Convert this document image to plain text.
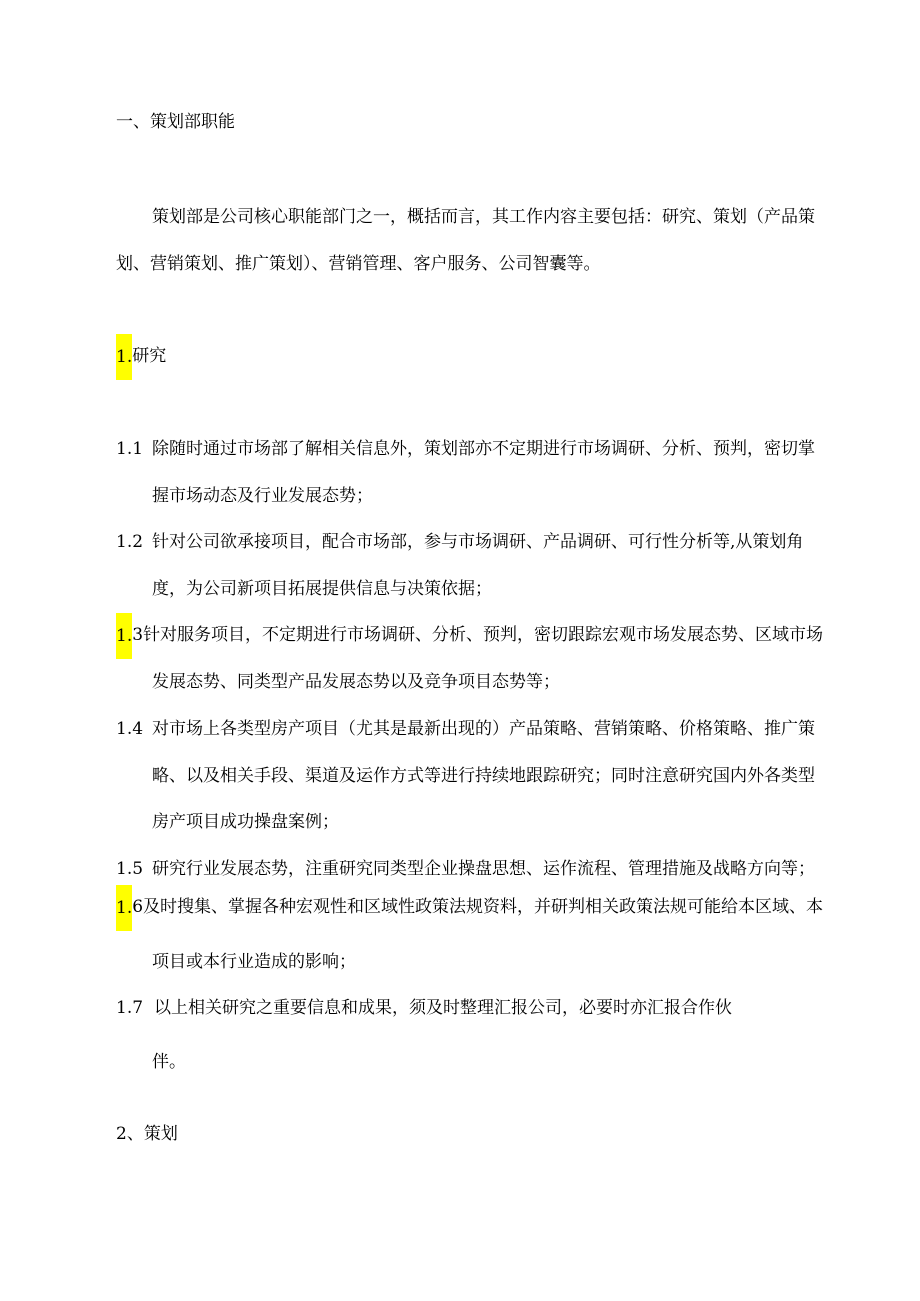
一、策划部职能
策划部是公司核心职能部门之一，概括而言，其工作内容主要包括：研究、策划（产品策
划、营销策划、推广策划）、营销管理、客户服务、公司智囊等。
1.研究
1.1 除随时通过市场部了解相关信息外，策划部亦不定期进行市场调研、分析、预判，密切掌
握市场动态及行业发展态势；
1.2 针对公司欲承接项目，配合市场部，参与市场调研、产品调研、可行性分析等,从策划角
度，为公司新项目拓展提供信息与决策依据；
1.3针对服务项目，不定期进行市场调研、分析、预判，密切跟踪宏观市场发展态势、区域市场
发展态势、同类型产品发展态势以及竞争项目态势等；
1.4 对市场上各类型房产项目（尤其是最新出现的）产品策略、营销策略、价格策略、推广策
略、以及相关手段、渠道及运作方式等进行持续地跟踪研究；同时注意研究国内外各类型
房产项目成功操盘案例；
1.5 研究行业发展态势，注重研究同类型企业操盘思想、运作流程、管理措施及战略方向等；
1.6及时搜集、掌握各种宏观性和区域性政策法规资料，并研判相关政策法规可能给本区域、本
项目或本行业造成的影响；
1.7 以上相关研究之重要信息和成果，须及时整理汇报公司，必要时亦汇报合作伙
伴。
2、策划
